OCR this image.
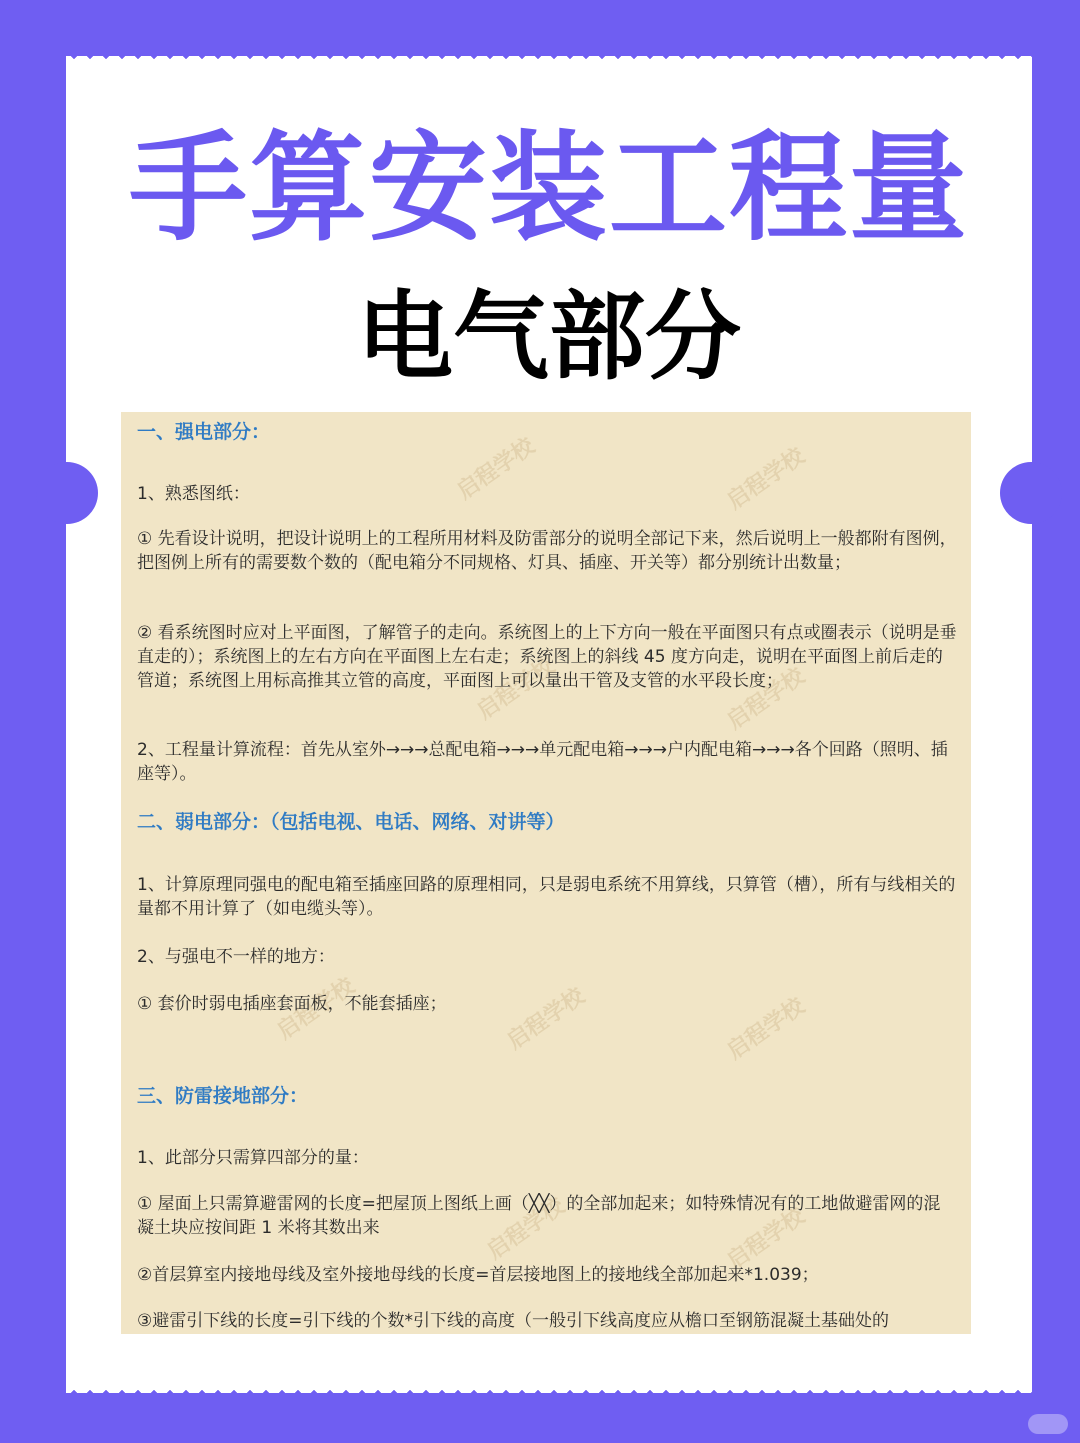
手算安装工程量
电气部分
启程学校	启程学校
启程学校	启程学校
启程学校	启程学校	启程学校
启程学校	启程学校

一、强电部分：

1、熟悉图纸：

① 先看设计说明，把设计说明上的工程所用材料及防雷部分的说明全部记下来，然后说明上一般都附有图例，把图例上所有的需要数个数的（配电箱分不同规格、灯具、插座、开关等）都分别统计出数量；

② 看系统图时应对上平面图，了解管子的走向。系统图上的上下方向一般在平面图只有点或圈表示（说明是垂直走的）；系统图上的左右方向在平面图上左右走；系统图上的斜线 45 度方向走，说明在平面图上前后走的管道；系统图上用标高推其立管的高度，平面图上可以量出干管及支管的水平段长度；

2、工程量计算流程：首先从室外→→→总配电箱→→→单元配电箱→→→户内配电箱→→→各个回路（照明、插座等）。

二、弱电部分：（包括电视、电话、网络、对讲等）

1、计算原理同强电的配电箱至插座回路的原理相同，只是弱电系统不用算线，只算管（槽），所有与线相关的量都不用计算了（如电缆头等）。

2、与强电不一样的地方：

① 套价时弱电插座套面板，不能套插座；

三、防雷接地部分：

1、此部分只需算四部分的量：

① 屋面上只需算避雷网的长度=把屋顶上图纸上画（╳╳）的全部加起来；如特殊情况有的工地做避雷网的混凝土块应按间距 1 米将其数出来

②首层算室内接地母线及室外接地母线的长度=首层接地图上的接地线全部加起来*1.039；

③避雷引下线的长度=引下线的个数*引下线的高度（一般引下线高度应从檐口至钢筋混凝土基础处的
